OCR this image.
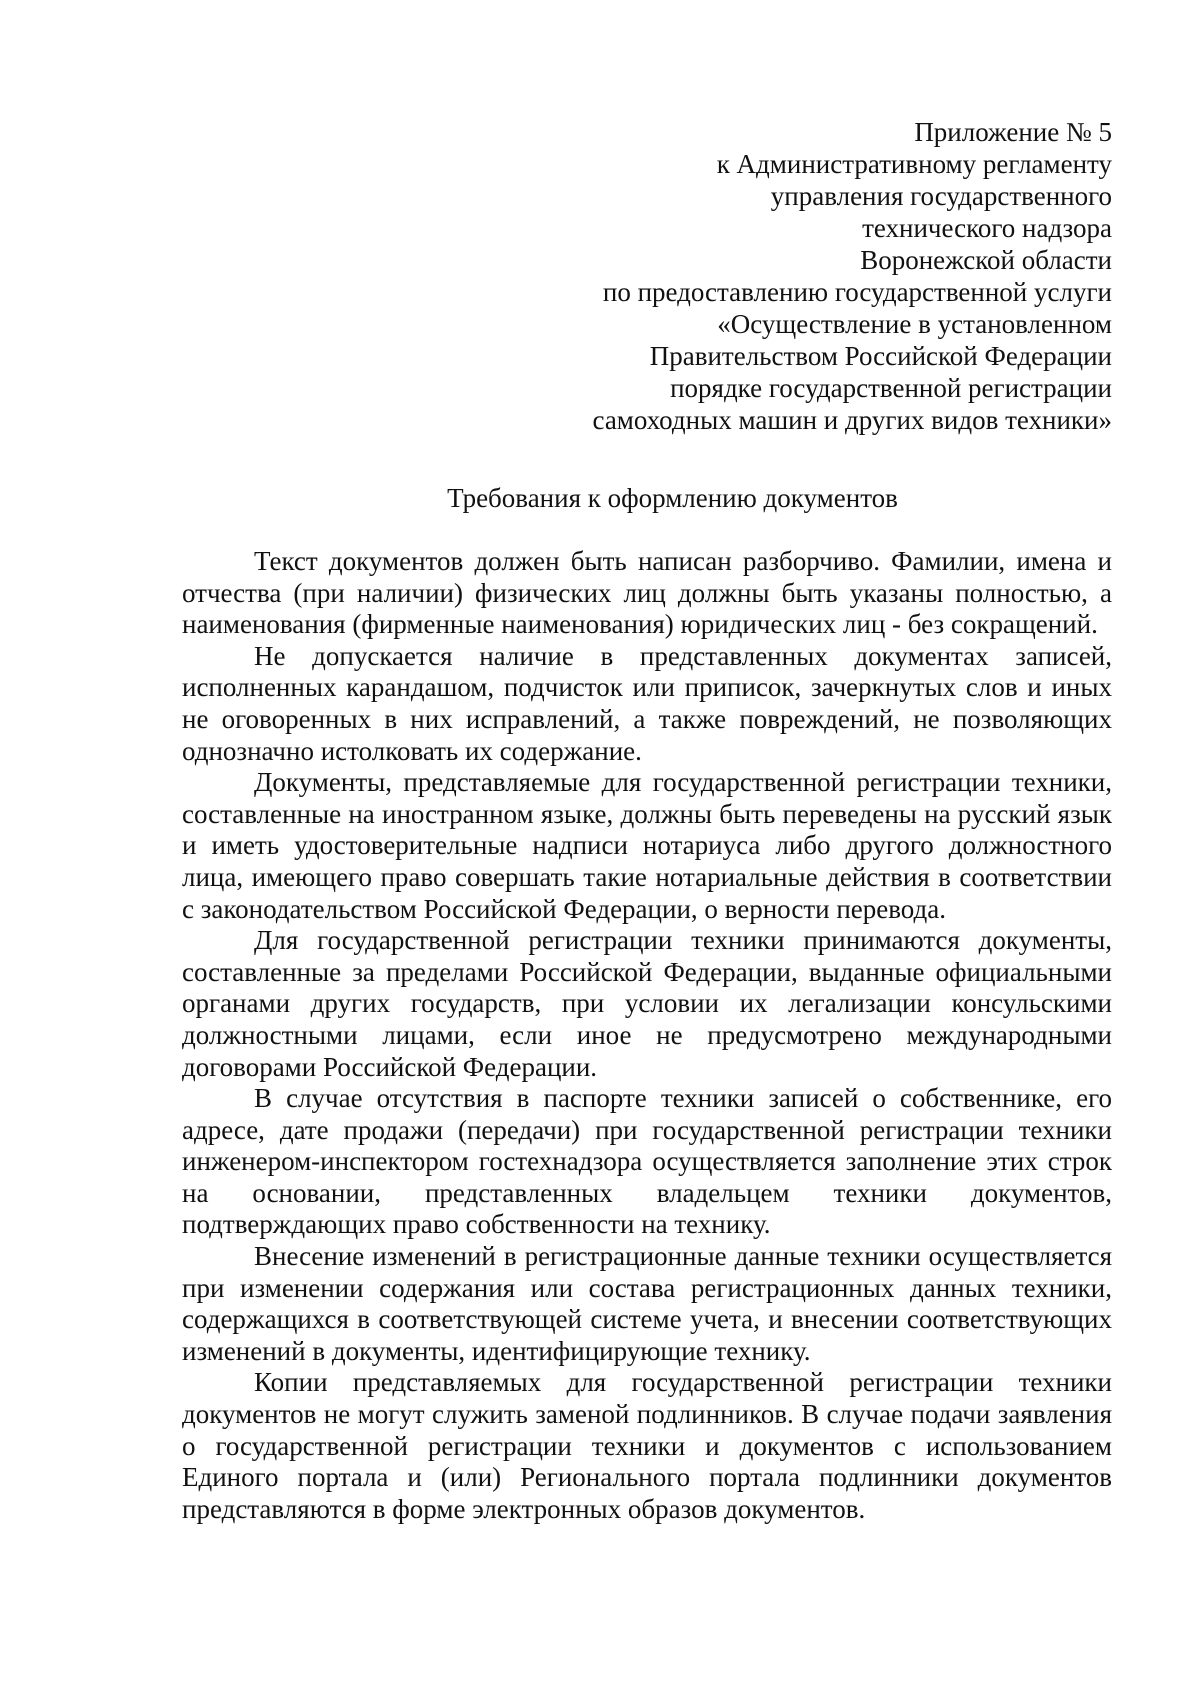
Приложение № 5
к Административному регламенту
управления государственного
технического надзора
Воронежской области
по предоставлению государственной услуги
«Осуществление в установленном
Правительством Российской Федерации
порядке государственной регистрации
самоходных машин и других видов техники»
Требования к оформлению документов

Текст документов должен быть написан разборчиво. Фамилии, имена и отчества (при наличии) физических лиц должны быть указаны полностью, а наименования (фирменные наименования) юридических лиц - без сокращений.

Не допускается наличие в представленных документах записей, исполненных карандашом, подчисток или приписок, зачеркнутых слов и иных не оговоренных в них исправлений, а также повреждений, не позволяющих однозначно истолковать их содержание.

Документы, представляемые для государственной регистрации техники, составленные на иностранном языке, должны быть переведены на русский язык и иметь удостоверительные надписи нотариуса либо другого должностного лица, имеющего право совершать такие нотариальные действия в соответствии с законодательством Российской Федерации, о верности перевода.

Для государственной регистрации техники принимаются документы, составленные за пределами Российской Федерации, выданные официальными органами других государств, при условии их легализации консульскими должностными лицами, если иное не предусмотрено международными договорами Российской Федерации.

В случае отсутствия в паспорте техники записей о собственнике, его адресе, дате продажи (передачи) при государственной регистрации техники инженером-инспектором гостехнадзора осуществляется заполнение этих строк на основании, представленных владельцем техники документов, подтверждающих право собственности на технику.

Внесение изменений в регистрационные данные техники осуществляется при изменении содержания или состава регистрационных данных техники, содержащихся в соответствующей системе учета, и внесении соответствующих изменений в документы, идентифицирующие технику.

Копии представляемых для государственной регистрации техники документов не могут служить заменой подлинников. В случае подачи заявления о государственной регистрации техники и документов с использованием Единого портала и (или) Регионального портала подлинники документов представляются в форме электронных образов документов.
